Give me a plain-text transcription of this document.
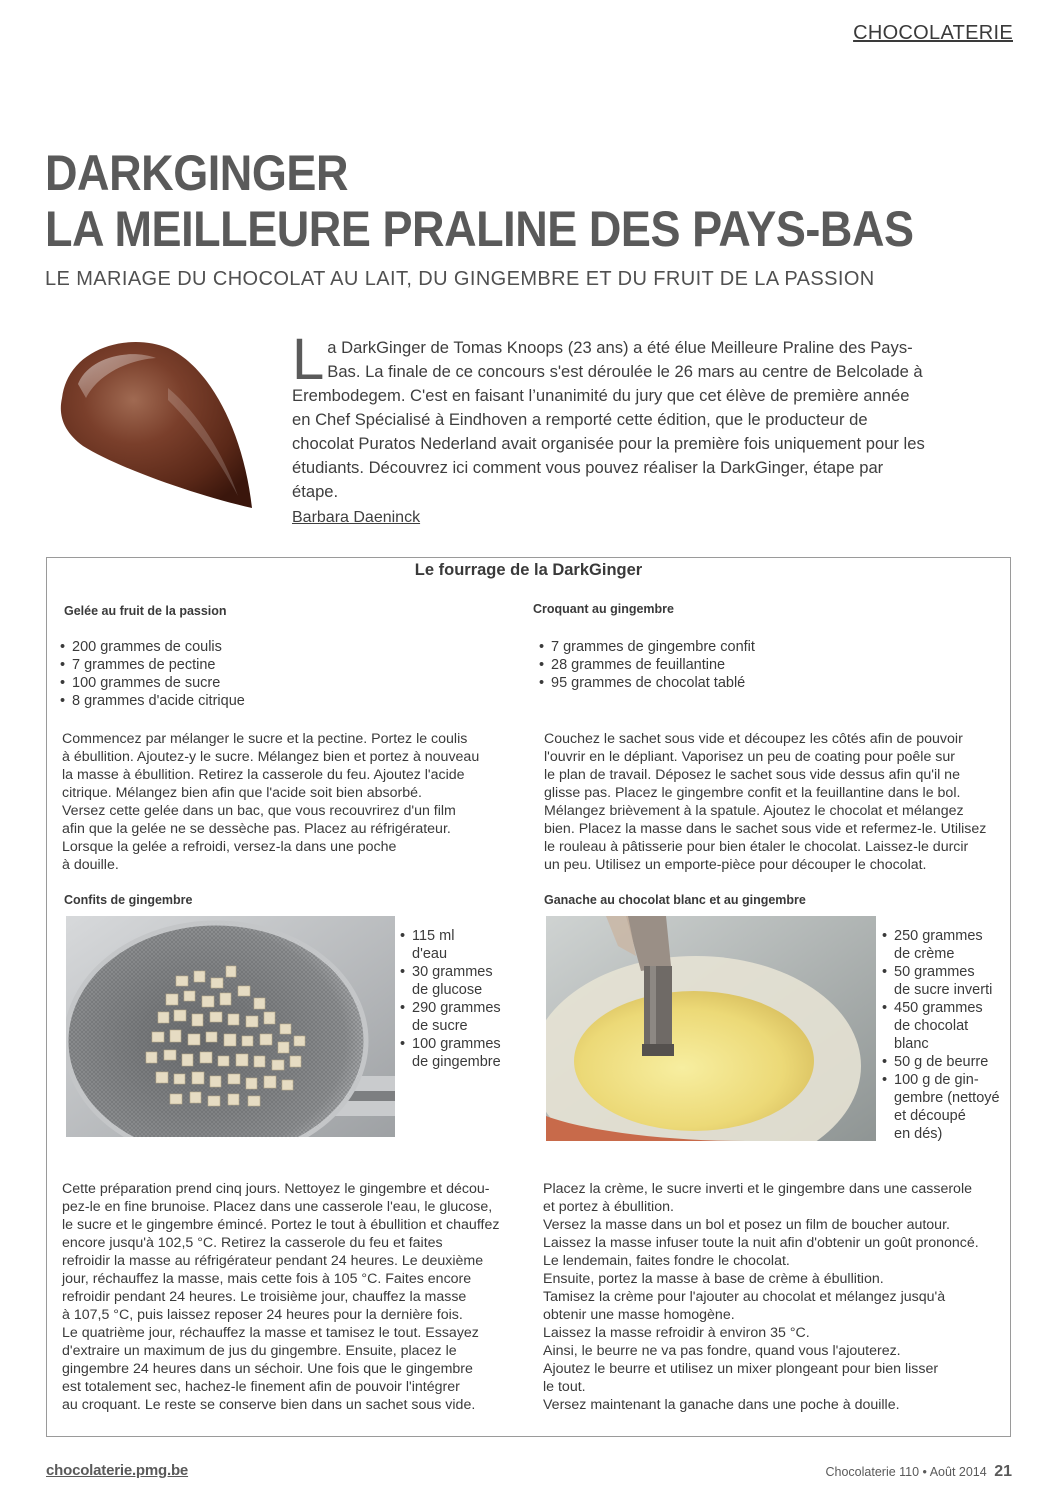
CHOCOLATERIE
DARKGINGER
LA MEILLEURE PRALINE DES PAYS-BAS
LE MARIAGE DU CHOCOLAT AU LAIT, DU GINGEMBRE ET DU FRUIT DE LA PASSION
L a DarkGinger de Tomas Knoops (23 ans) a été élue Meilleure Praline des Pays-Bas. La finale de ce concours s'est déroulée le 26 mars au centre de Belcolade à Erembodegem. C'est en faisant l’unanimité du jury que cet élève de première année en Chef Spécialisé à Eindhoven a remporté cette édition, que le producteur de chocolat Puratos Nederland avait organisée pour la première fois uniquement pour les étudiants. Découvrez ici comment vous pouvez réaliser la DarkGinger, étape par étape.
Barbara Daeninck
Le fourrage de la DarkGinger
Gelée au fruit de la passion
• 200 grammes de coulis
• 7 grammes de pectine
• 100 grammes de sucre
• 8 grammes d'acide citrique

Commencez par mélanger le sucre et la pectine. Portez le coulis

à ébullition. Ajoutez-y le sucre. Mélangez bien et portez à nouveau

la masse à ébullition. Retirez la casserole du feu. Ajoutez l'acide

citrique. Mélangez bien afin que l'acide soit bien absorbé.

Versez cette gelée dans un bac, que vous recouvrirez d'un film

afin que la gelée ne se dessèche pas. Placez au réfrigérateur.

Lorsque la gelée a refroidi, versez-la dans une poche

à douille.

Croquant au gingembre
• 7 grammes de gingembre confit
• 28 grammes de feuillantine
• 95 grammes de chocolat tablé

Couchez le sachet sous vide et découpez les côtés afin de pouvoir

l'ouvrir en le dépliant. Vaporisez un peu de coating pour poêle sur

le plan de travail. Déposez le sachet sous vide dessus afin qu'il ne

glisse pas. Placez le gingembre confit et la feuillantine dans le bol.

Mélangez brièvement à la spatule. Ajoutez le chocolat et mélangez

bien. Placez la masse dans le sachet sous vide et refermez-le. Utilisez

le rouleau à pâtisserie pour bien étaler le chocolat. Laissez-le durcir

un peu. Utilisez un emporte-pièce pour découper le chocolat.

Confits de gingembre
• 115 ml
d'eau
• 30 grammes
de glucose
• 290 grammes
de sucre
• 100 grammes
de gingembre

Cette préparation prend cinq jours. Nettoyez le gingembre et décou-

pez-le en fine brunoise. Placez dans une casserole l'eau, le glucose,

le sucre et le gingembre émincé. Portez le tout à ébullition et chauffez

encore jusqu'à 102,5 °C. Retirez la casserole du feu et faites

refroidir la masse au réfrigérateur pendant 24 heures. Le deuxième

jour, réchauffez la masse, mais cette fois à 105 °C. Faites encore

refroidir pendant 24 heures. Le troisième jour, chauffez la masse

à 107,5 °C, puis laissez reposer 24 heures pour la dernière fois.

Le quatrième jour, réchauffez la masse et tamisez le tout. Essayez

d'extraire un maximum de jus du gingembre. Ensuite, placez le

gingembre 24 heures dans un séchoir. Une fois que le gingembre

est totalement sec, hachez-le finement afin de pouvoir l'intégrer

au croquant. Le reste se conserve bien dans un sachet sous vide.

Ganache au chocolat blanc et au gingembre
• 250 grammes
de crème
• 50 grammes
de sucre inverti
• 450 grammes
de chocolat
blanc
• 50 g de beurre
• 100 g de gin-
gembre (nettoyé
et découpé
en dés)

Placez la crème, le sucre inverti et le gingembre dans une casserole

et portez à ébullition.

Versez la masse dans un bol et posez un film de boucher autour.

Laissez la masse infuser toute la nuit afin d'obtenir un goût prononcé.

Le lendemain, faites fondre le chocolat.

Ensuite, portez la masse à base de crème à ébullition.

Tamisez la crème pour l'ajouter au chocolat et mélangez jusqu'à

obtenir une masse homogène.

Laissez la masse refroidir à environ 35 °C.

Ainsi, le beurre ne va pas fondre, quand vous l'ajouterez.

Ajoutez le beurre et utilisez un mixer plongeant pour bien lisser

le tout.

Versez maintenant la ganache dans une poche à douille.

chocolaterie.pmg.be	Chocolaterie 110 • Août 2014 21
